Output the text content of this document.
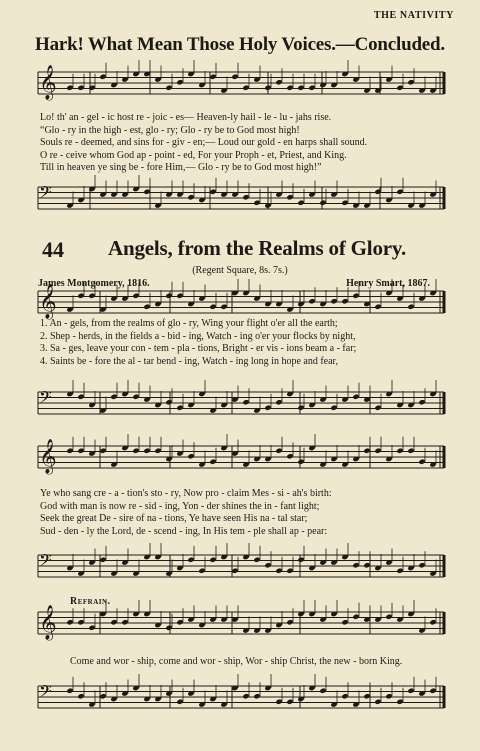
THE NATIVITY
Hark! What Mean Those Holy Voices.—Concluded.
𝄞
𝄢
𝄞
𝄢
𝄞
𝄢
𝄞
𝄢
Lo! th' an - gel - ic host re - joic - es— Heaven-ly hail - le - lu - jahs rise.
“Glo - ry in the high - est, glo - ry; Glo - ry be to God most high!
Souls re - deemed, and sins for - giv - en;— Loud our gold - en harps shall sound.
O re - ceive whom God ap - point - ed, For your Proph - et, Priest, and King.
Till in heaven ye sing be - fore Him,— Glo - ry be to God most high!”
44 Angels, from the Realms of Glory.
(Regent Square, 8s. 7s.)
James Montgomery, 1816.	Henry Smart, 1867.
1. An - gels, from the realms of glo - ry, Wing your flight o'er all the earth;
2. Shep - herds, in the fields a - bid - ing, Watch - ing o'er your flocks by night,
3. Sa - ges, leave your con - tem - pla - tions, Bright - er vis - ions beam a - far;
4. Saints be - fore the al - tar bend - ing, Watch - ing long in hope and fear,
Ye who sang cre - a - tion's sto - ry, Now pro - claim Mes - si - ah's birth:
God with man is now re - sid - ing, Yon - der shines the in - fant light;
Seek the great De - sire of na - tions, Ye have seen His na - tal star;
Sud - den - ly the Lord, de - scend - ing, In His tem - ple shall ap - pear:
Refrain.
Come and wor - ship, come and wor - ship, Wor - ship Christ, the new - born King.
